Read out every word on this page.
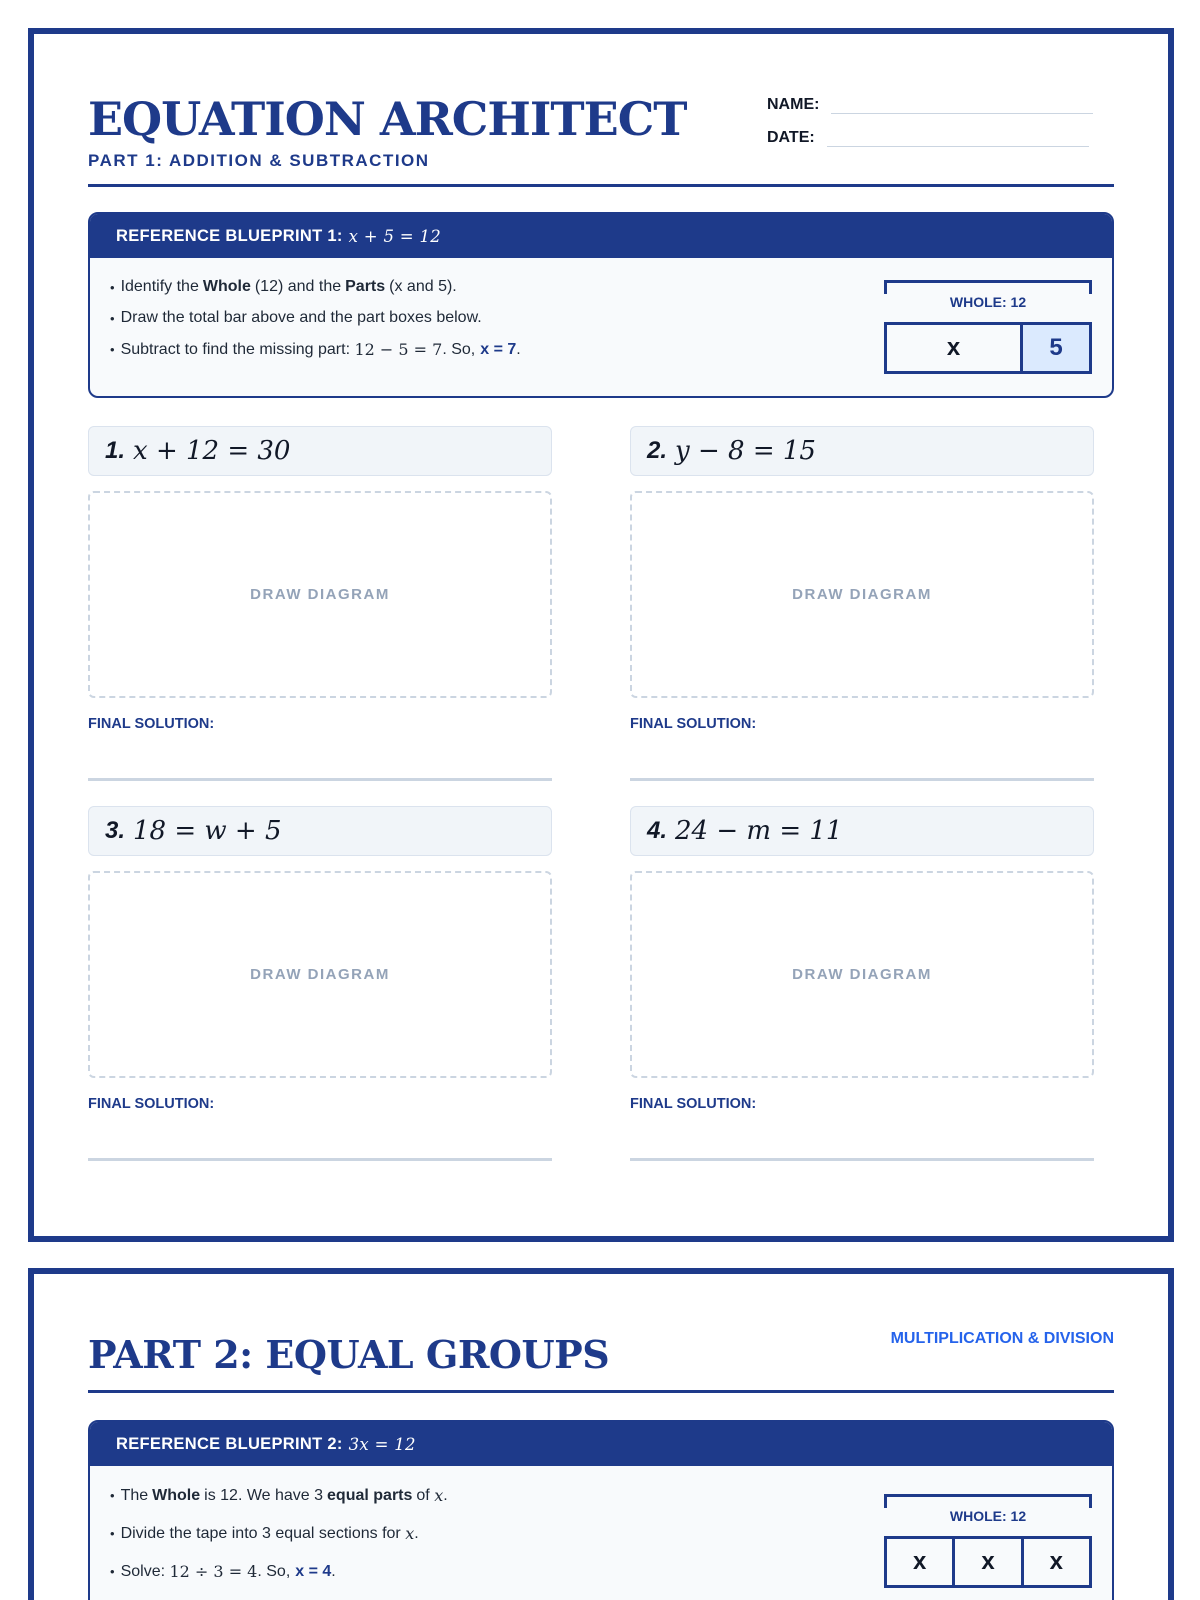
EQUATION ARCHITECT
PART 1: ADDITION & SUBTRACTION
NAME:
DATE:
REFERENCE BLUEPRINT 1: x + 5 = 12
• Identify the Whole (12) and the Parts (x and 5).
• Draw the total bar above and the part boxes below.
• Subtract to find the missing part:
12 − 5 = 7 . So, x = 7 .
WHOLE: 12
x	5
1. x + 12 = 30
DRAW DIAGRAM
FINAL SOLUTION:
2. y − 8 = 15
DRAW DIAGRAM
FINAL SOLUTION:
3. 18 = w + 5
DRAW DIAGRAM
FINAL SOLUTION:
4. 24 − m = 11
DRAW DIAGRAM
FINAL SOLUTION:
PART 2: EQUAL GROUPS	MULTIPLICATION & DIVISION
REFERENCE BLUEPRINT 2: 3x = 12
• The Whole is 12. We have 3 equal parts of
x .
• Divide the tape into 3 equal sections for
x .
• Solve:
12 ÷ 3 = 4 . So, x = 4 .
WHOLE: 12
x	x	x
